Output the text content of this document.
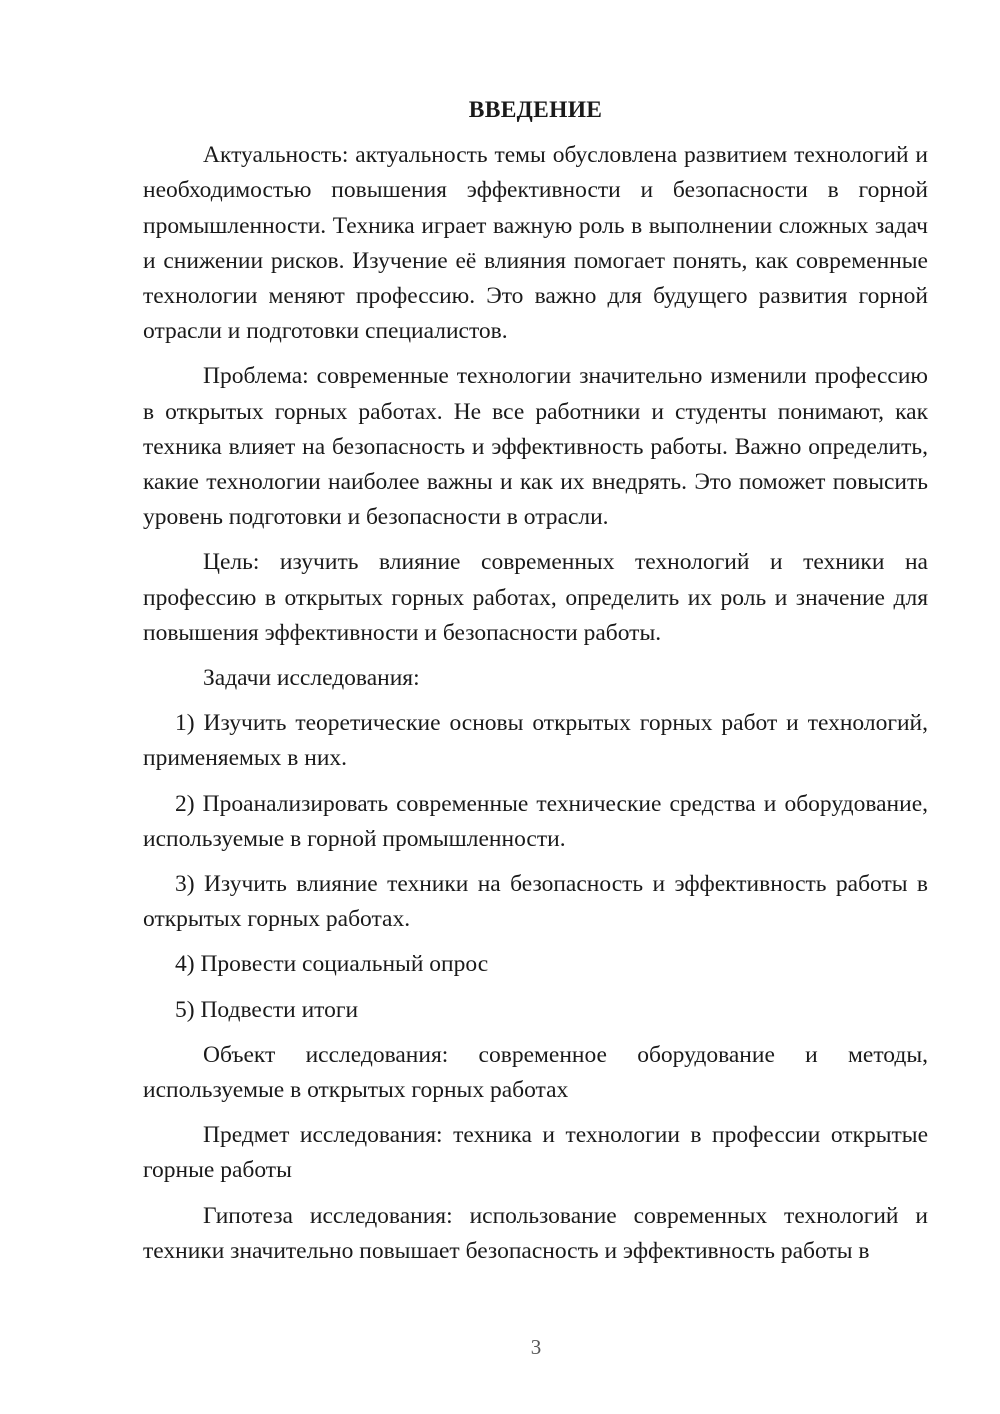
ВВЕДЕНИЕ

Актуальность: актуальность темы обусловлена развитием технологий и необходимостью повышения эффективности и безопасности в горной промышленности. Техника играет важную роль в выполнении сложных задач и снижении рисков. Изучение её влияния помогает понять, как современные технологии меняют профессию. Это важно для будущего развития горной отрасли и подготовки специалистов.

Проблема: современные технологии значительно изменили профессию в открытых горных работах. Не все работники и студенты понимают, как техника влияет на безопасность и эффективность работы. Важно определить, какие технологии наиболее важны и как их внедрять. Это поможет повысить уровень подготовки и безопасности в отрасли.

Цель: изучить влияние современных технологий и техники на профессию в открытых горных работах, определить их роль и значение для повышения эффективности и безопасности работы.

Задачи исследования:

1) Изучить теоретические основы открытых горных работ и технологий, применяемых в них.

2) Проанализировать современные технические средства и оборудование, используемые в горной промышленности.

3) Изучить влияние техники на безопасность и эффективность работы в открытых горных работах.

4) Провести социальный опрос

5) Подвести итоги

Объект исследования: современное оборудование и методы, используемые в открытых горных работах

Предмет исследования: техника и технологии в профессии открытые горные работы

Гипотеза исследования: использование современных технологий и техники значительно повышает безопасность и эффективность работы в

3
